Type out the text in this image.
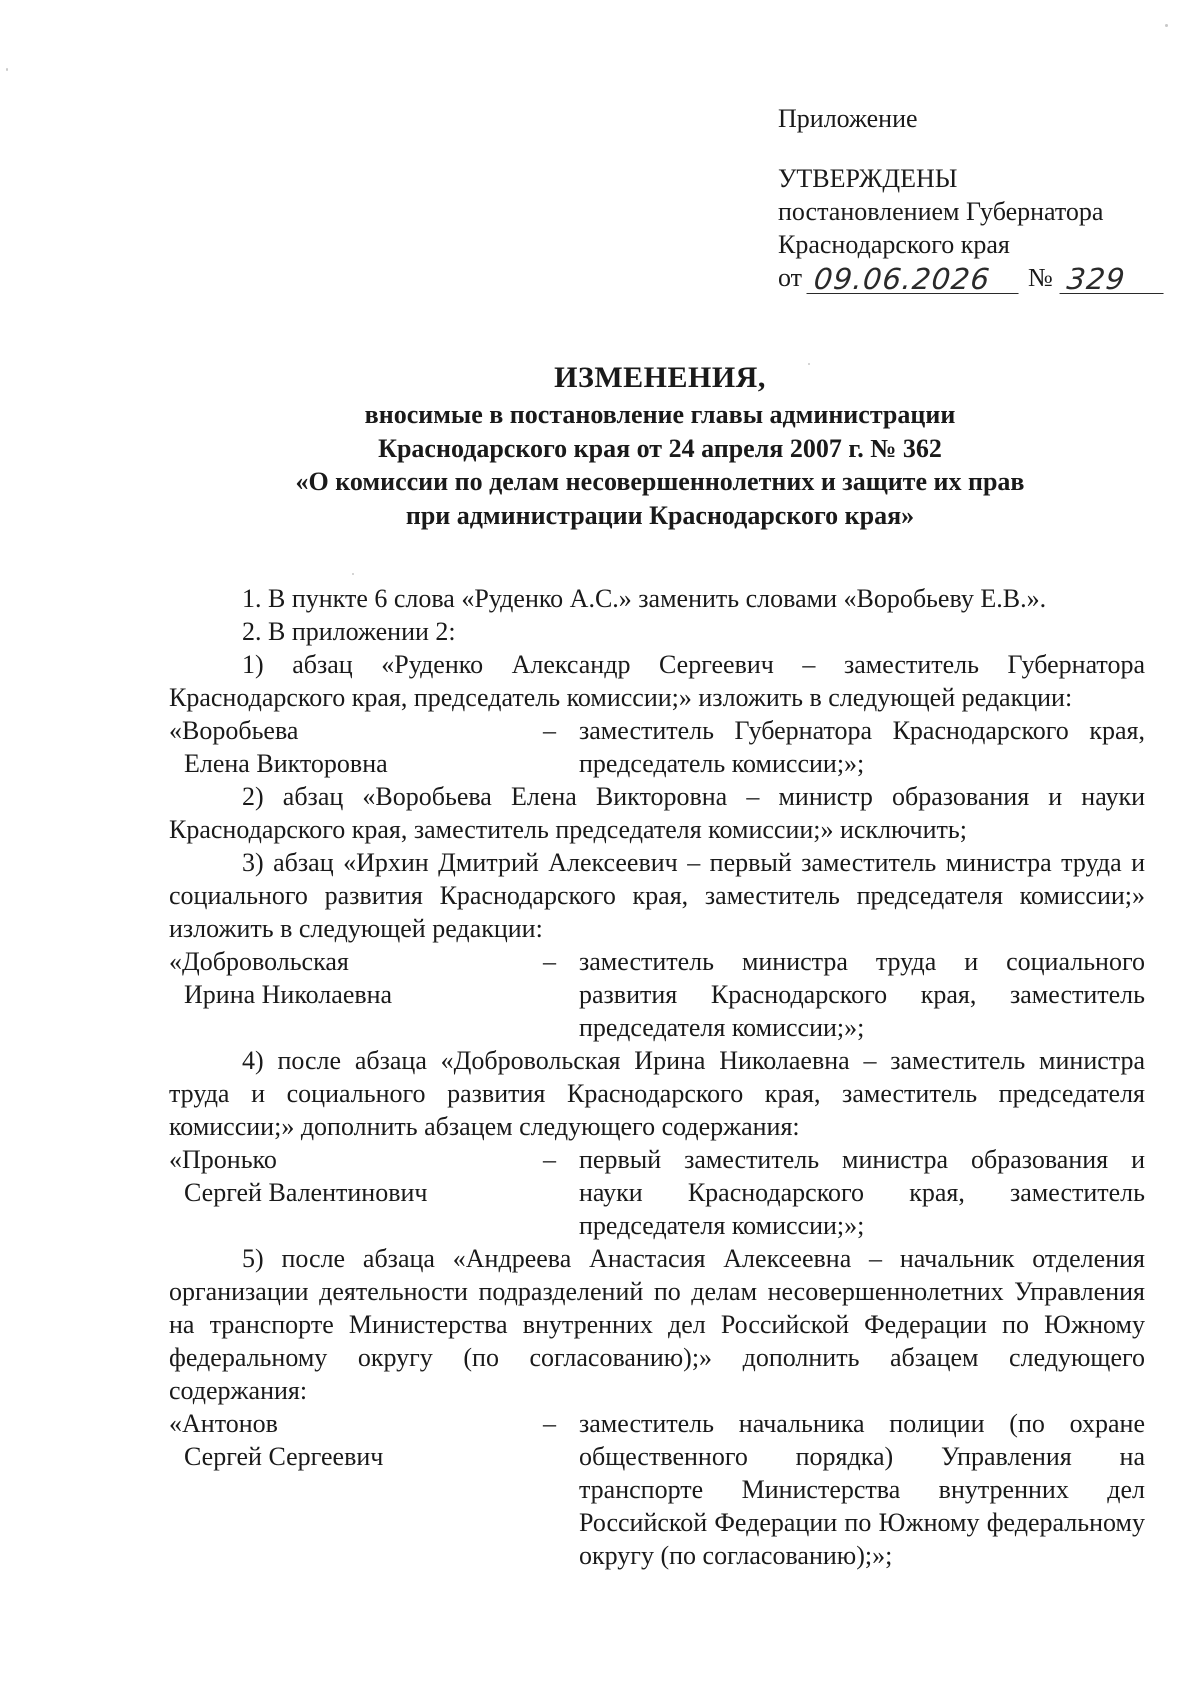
Приложение
УТВЕРЖДЕНЫ
постановлением Губернатора
Краснодарского края
от 09.06.2026	№ 329
ИЗМЕНЕНИЯ,
вносимые в постановление главы администрации
Краснодарского края от 24 апреля 2007 г. № 362
«О комиссии по делам несовершеннолетних и защите их прав
при администрации Краснодарского края»

1. В пункте 6 слова «Руденко А.С.» заменить словами «Воробьеву Е.В.».

2. В приложении 2:

1) абзац «Руденко Александр Сергеевич – заместитель Губернатора Краснодарского края, председатель комиссии;» изложить в следующей редакции:

«Воробьева
Елена Викторовна
– заместитель Губернатора Краснодарского края, председатель комиссии;»;

2) абзац «Воробьева Елена Викторовна – министр образования и науки Краснодарского края, заместитель председателя комиссии;» исключить;

3) абзац «Ирхин Дмитрий Алексеевич – первый заместитель министра труда и социального развития Краснодарского края, заместитель председателя комиссии;» изложить в следующей редакции:

«Добровольская
Ирина Николаевна
– заместитель министра труда и социального развития Краснодарского края, заместитель председателя комиссии;»;

4) после абзаца «Добровольская Ирина Николаевна – заместитель министра труда и социального развития Краснодарского края, заместитель председателя комиссии;» дополнить абзацем следующего содержания:

«Пронько
Сергей Валентинович
– первый заместитель министра образования и науки Краснодарского края, заместитель председателя комиссии;»;

5) после абзаца «Андреева Анастасия Алексеевна – начальник отделения организации деятельности подразделений по делам несовершеннолетних Управления на транспорте Министерства внутренних дел Российской Федерации по Южному федеральному округу (по согласованию);» дополнить абзацем следующего содержания:

«Антонов
Сергей Сергеевич
– заместитель начальника полиции (по охране общественного порядка) Управления на транспорте Министерства внутренних дел Российской Федерации по Южному федеральному округу (по согласованию);»;
